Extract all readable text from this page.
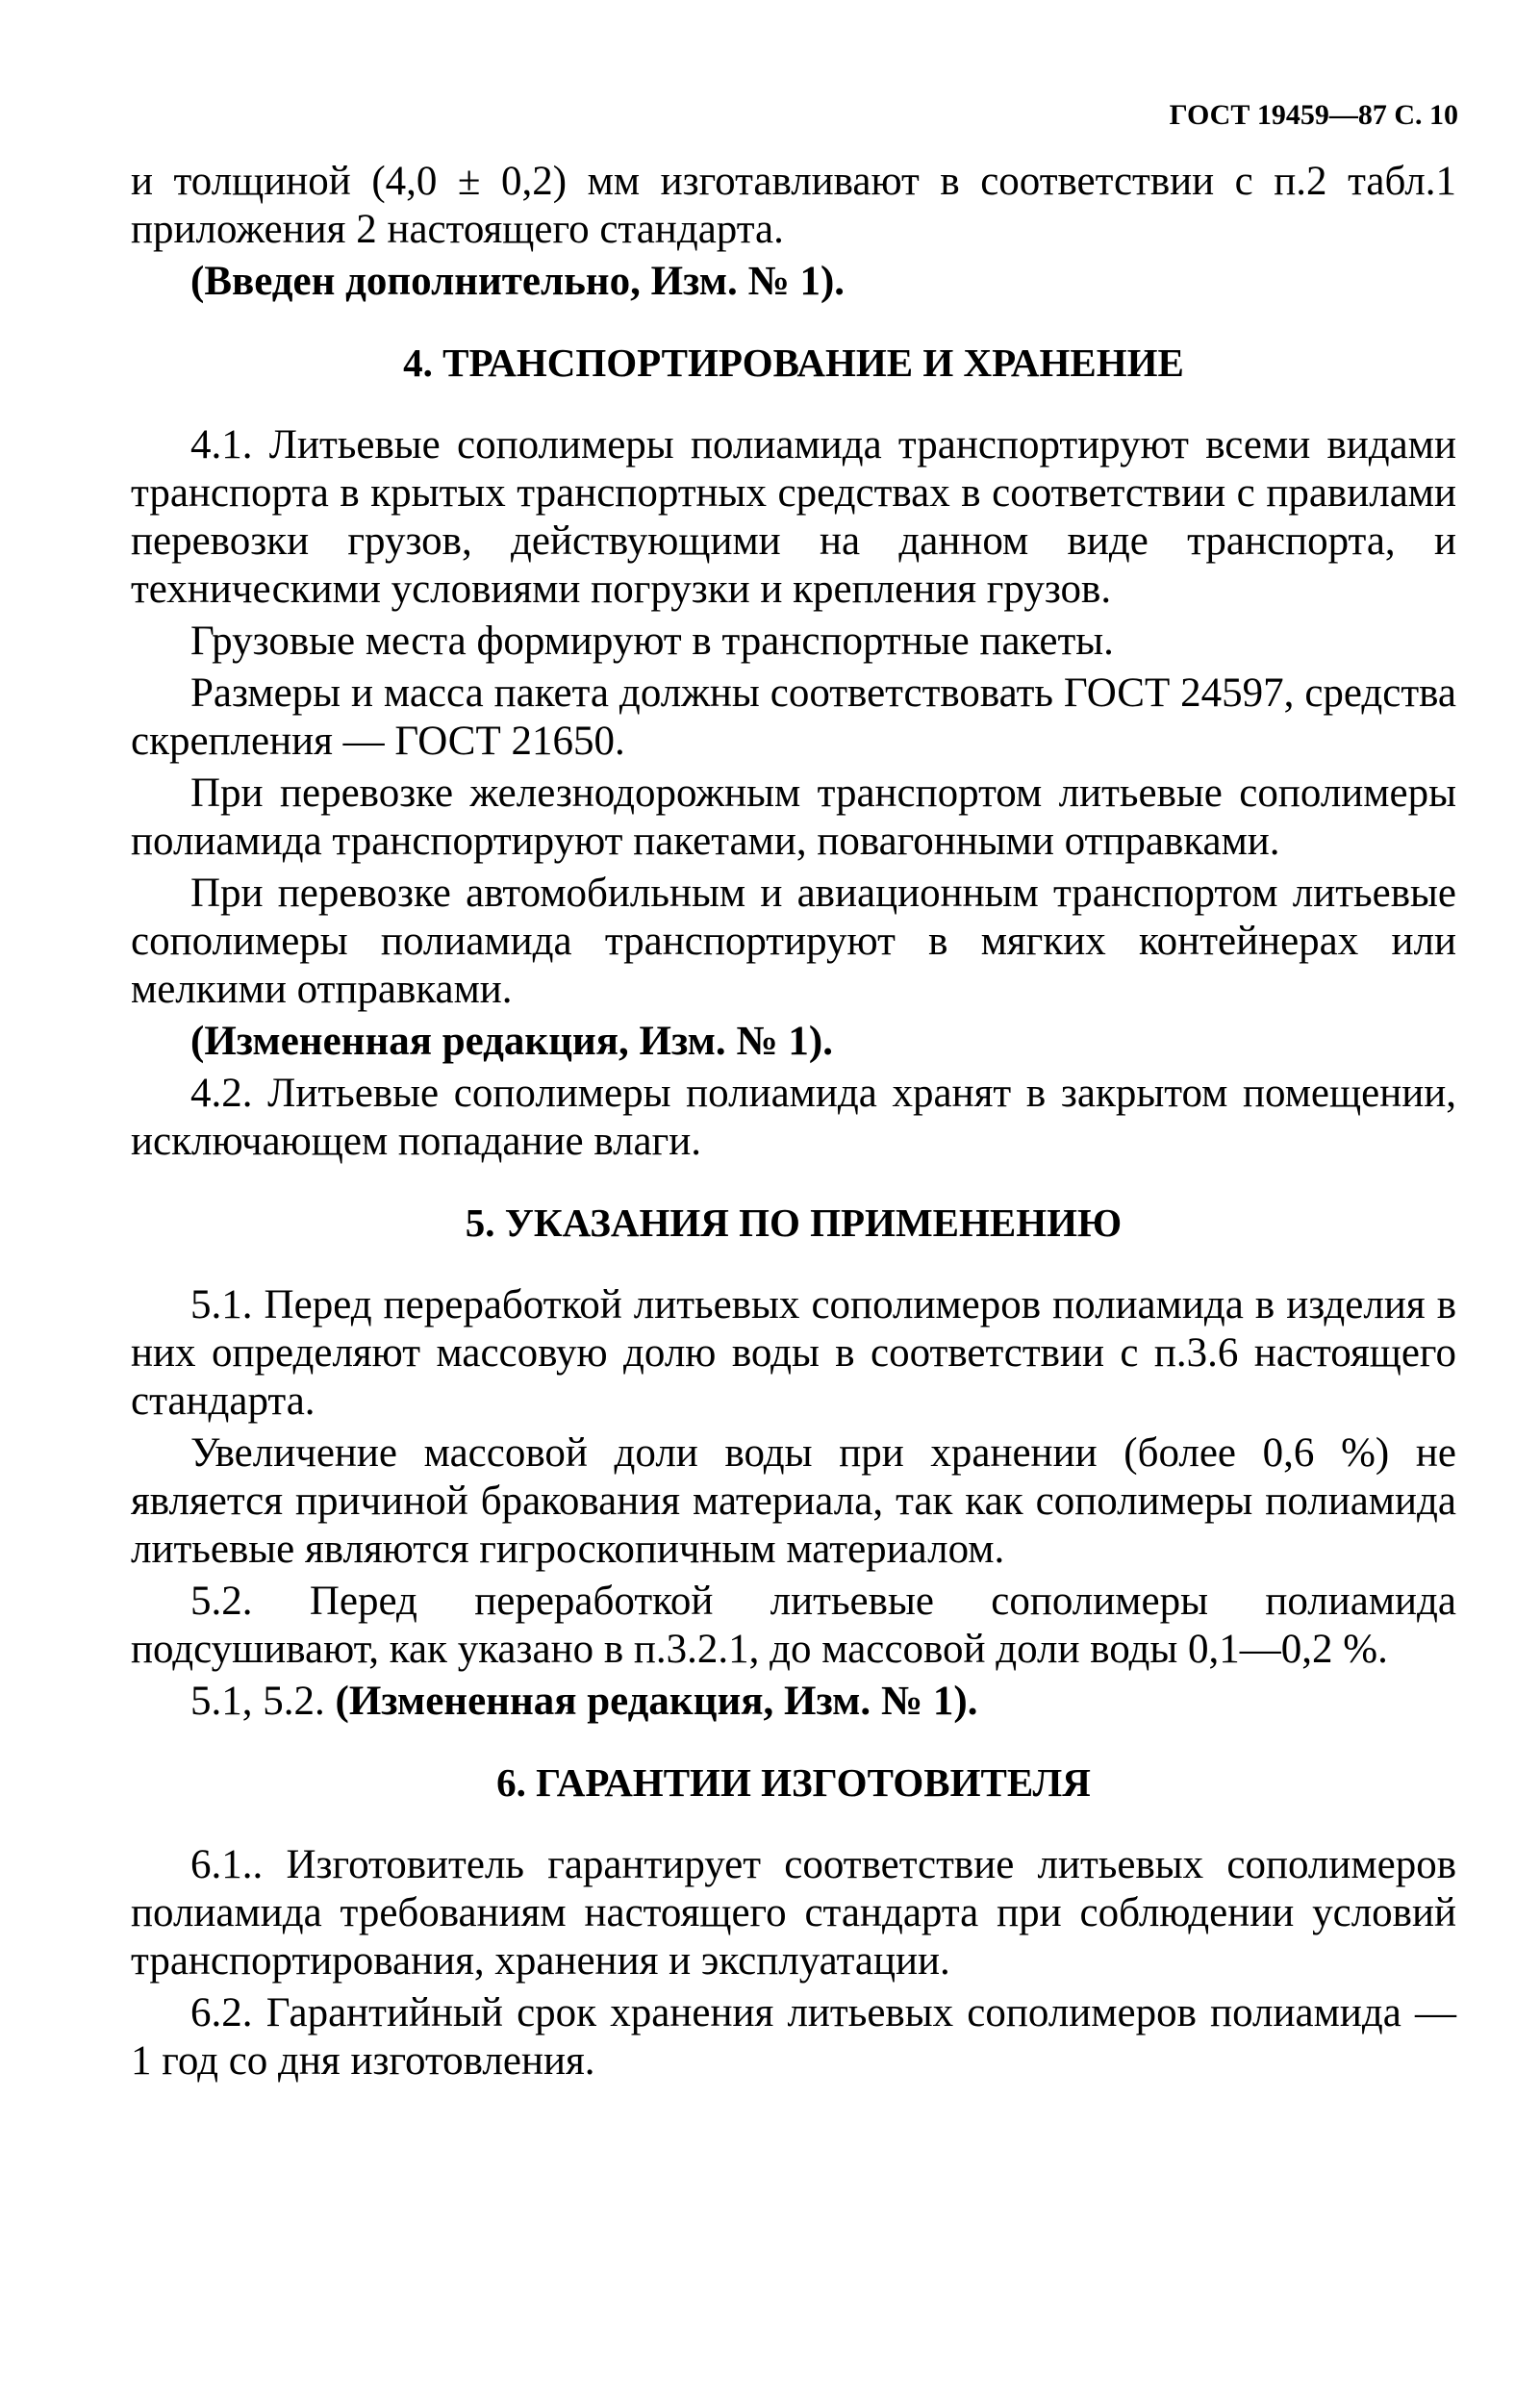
ГОСТ 19459—87 С. 10

и толщиной (4,0 ± 0,2) мм изготавливают в соответствии с п.2 табл.1 приложения 2 настоящего стандарта.

(Введен дополнительно, Изм. № 1).

4. ТРАНСПОРТИРОВАНИЕ И ХРАНЕНИЕ

4.1. Литьевые сополимеры полиамида транспортируют всеми видами транспорта в крытых транспортных средствах в соответствии с правилами перевозки грузов, действующими на данном виде транспорта, и техническими условиями погрузки и крепления грузов.

Грузовые места формируют в транспортные пакеты.

Размеры и масса пакета должны соответствовать ГОСТ 24597, средства скрепления — ГОСТ 21650.

При перевозке железнодорожным транспортом литьевые сополимеры полиамида транспортируют пакетами, повагонными отправками.

При перевозке автомобильным и авиационным транспортом литьевые сополимеры полиамида транспортируют в мягких контейнерах или мелкими отправками.

(Измененная редакция, Изм. № 1).

4.2. Литьевые сополимеры полиамида хранят в закрытом помещении, исключающем попадание влаги.

5. УКАЗАНИЯ ПО ПРИМЕНЕНИЮ

5.1. Перед переработкой литьевых сополимеров полиамида в изделия в них определяют массовую долю воды в соответствии с п.3.6 настоящего стандарта.

Увеличение массовой доли воды при хранении (более 0,6 %) не является причиной бракования материала, так как сополимеры полиамида литьевые являются гигроскопичным материалом.

5.2. Перед переработкой литьевые сополимеры полиамида подсушивают, как указано в п.3.2.1, до массовой доли воды 0,1—0,2 %.

5.1, 5.2. (Измененная редакция, Изм. № 1).

6. ГАРАНТИИ ИЗГОТОВИТЕЛЯ

6.1.. Изготовитель гарантирует соответствие литьевых сополимеров полиамида требованиям настоящего стандарта при соблюдении условий транспортирования, хранения и эксплуатации.

6.2. Гарантийный срок хранения литьевых сополимеров полиамида — 1 год со дня изготовления.
